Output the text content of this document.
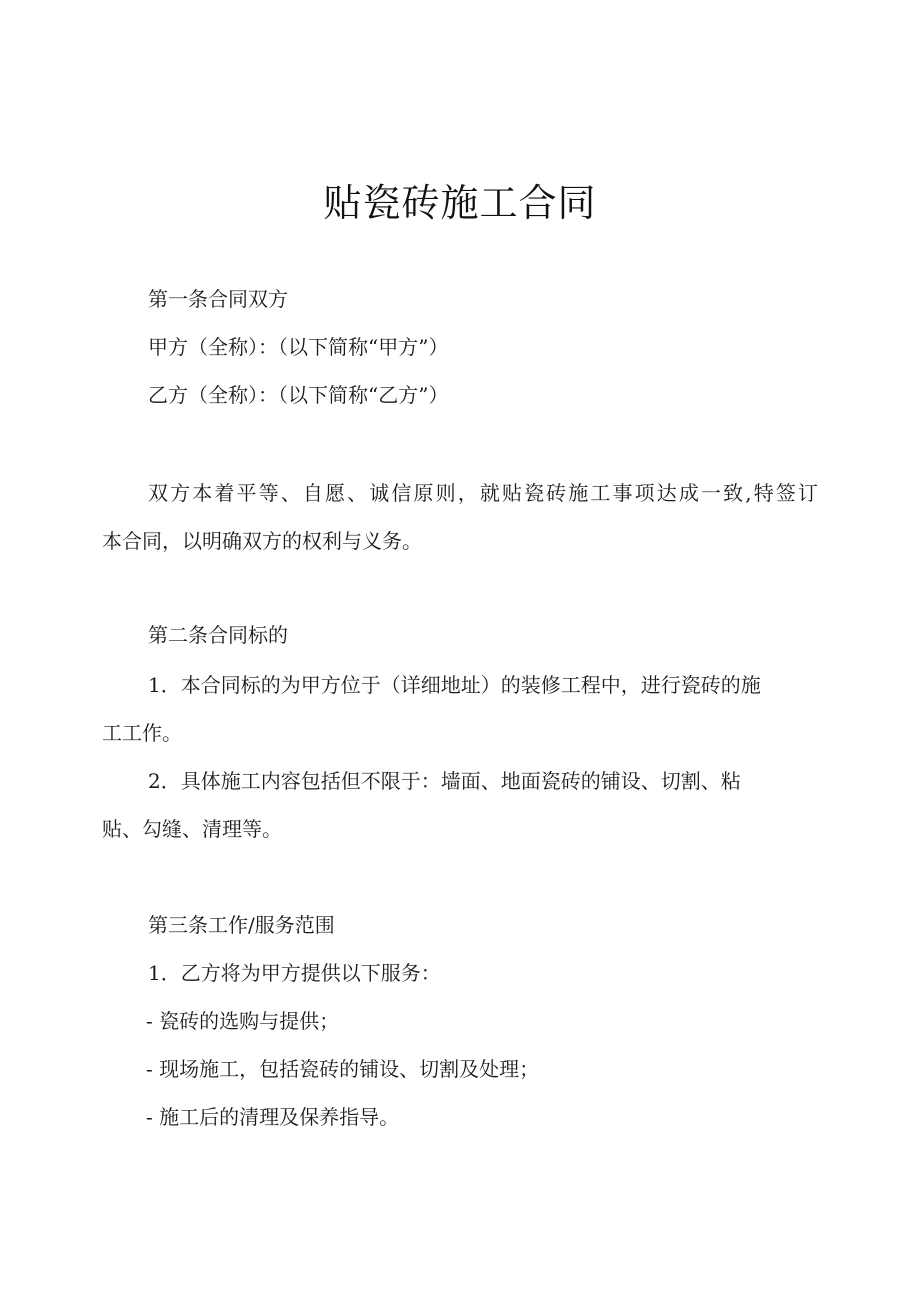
贴瓷砖施工合同

第一条合同双方

甲方（全称）：（以下简称“甲方”）

乙方（全称）：（以下简称“乙方”）

双方本着平等、自愿、诚信原则，就贴瓷砖施工事项达成一致,特签订

本合同，以明确双方的权利与义务。

第二条合同标的

1．本合同标的为甲方位于（详细地址）的装修工程中，进行瓷砖的施

工工作。

2．具体施工内容包括但不限于：墙面、地面瓷砖的铺设、切割、粘

贴、勾缝、清理等。

第三条工作/服务范围

1．乙方将为甲方提供以下服务：

- 瓷砖的选购与提供；

- 现场施工，包括瓷砖的铺设、切割及处理；

- 施工后的清理及保养指导。
